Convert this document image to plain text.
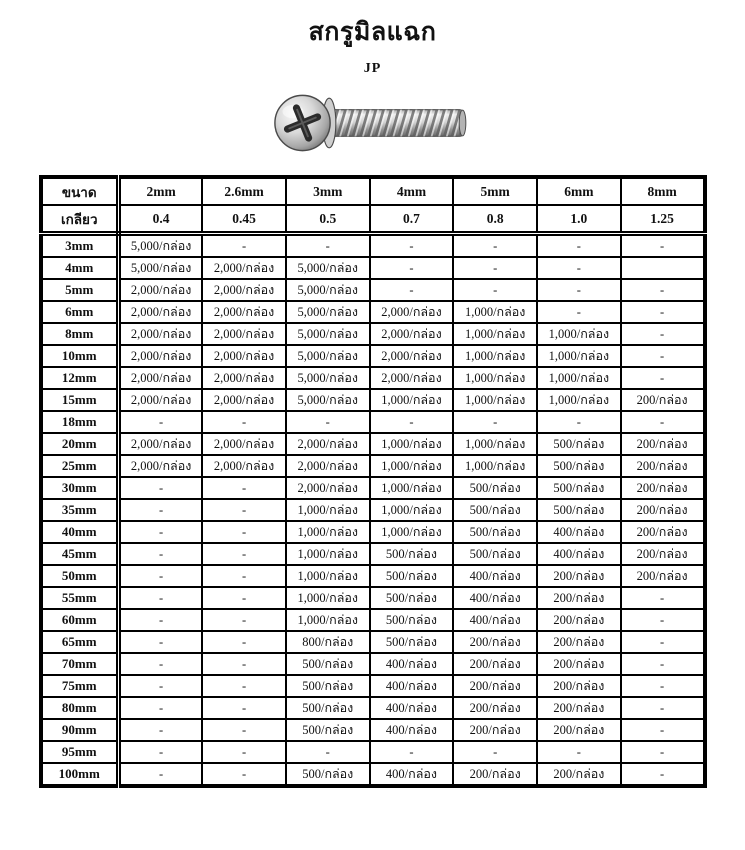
สกรูมิลแฉก
JP
ขนาด	2mm	2.6mm	3mm	4mm	5mm	6mm	8mm
เกลียว	0.4	0.45	0.5	0.7	0.8	1.0	1.25
3mm	5,000/กล่อง	-	-	-	-	-	-
4mm	5,000/กล่อง	2,000/กล่อง	5,000/กล่อง	-	-	-	
5mm	2,000/กล่อง	2,000/กล่อง	5,000/กล่อง	-	-	-	-
6mm	2,000/กล่อง	2,000/กล่อง	5,000/กล่อง	2,000/กล่อง	1,000/กล่อง	-	-
8mm	2,000/กล่อง	2,000/กล่อง	5,000/กล่อง	2,000/กล่อง	1,000/กล่อง	1,000/กล่อง	-
10mm	2,000/กล่อง	2,000/กล่อง	5,000/กล่อง	2,000/กล่อง	1,000/กล่อง	1,000/กล่อง	-
12mm	2,000/กล่อง	2,000/กล่อง	5,000/กล่อง	2,000/กล่อง	1,000/กล่อง	1,000/กล่อง	-
15mm	2,000/กล่อง	2,000/กล่อง	5,000/กล่อง	1,000/กล่อง	1,000/กล่อง	1,000/กล่อง	200/กล่อง
18mm	-	-	-	-	-	-	-
20mm	2,000/กล่อง	2,000/กล่อง	2,000/กล่อง	1,000/กล่อง	1,000/กล่อง	500/กล่อง	200/กล่อง
25mm	2,000/กล่อง	2,000/กล่อง	2,000/กล่อง	1,000/กล่อง	1,000/กล่อง	500/กล่อง	200/กล่อง
30mm	-	-	2,000/กล่อง	1,000/กล่อง	500/กล่อง	500/กล่อง	200/กล่อง
35mm	-	-	1,000/กล่อง	1,000/กล่อง	500/กล่อง	500/กล่อง	200/กล่อง
40mm	-	-	1,000/กล่อง	1,000/กล่อง	500/กล่อง	400/กล่อง	200/กล่อง
45mm	-	-	1,000/กล่อง	500/กล่อง	500/กล่อง	400/กล่อง	200/กล่อง
50mm	-	-	1,000/กล่อง	500/กล่อง	400/กล่อง	200/กล่อง	200/กล่อง
55mm	-	-	1,000/กล่อง	500/กล่อง	400/กล่อง	200/กล่อง	-
60mm	-	-	1,000/กล่อง	500/กล่อง	400/กล่อง	200/กล่อง	-
65mm	-	-	800/กล่อง	500/กล่อง	200/กล่อง	200/กล่อง	-
70mm	-	-	500/กล่อง	400/กล่อง	200/กล่อง	200/กล่อง	-
75mm	-	-	500/กล่อง	400/กล่อง	200/กล่อง	200/กล่อง	-
80mm	-	-	500/กล่อง	400/กล่อง	200/กล่อง	200/กล่อง	-
90mm	-	-	500/กล่อง	400/กล่อง	200/กล่อง	200/กล่อง	-
95mm	-	-	-	-	-	-	-
100mm	-	-	500/กล่อง	400/กล่อง	200/กล่อง	200/กล่อง	-
